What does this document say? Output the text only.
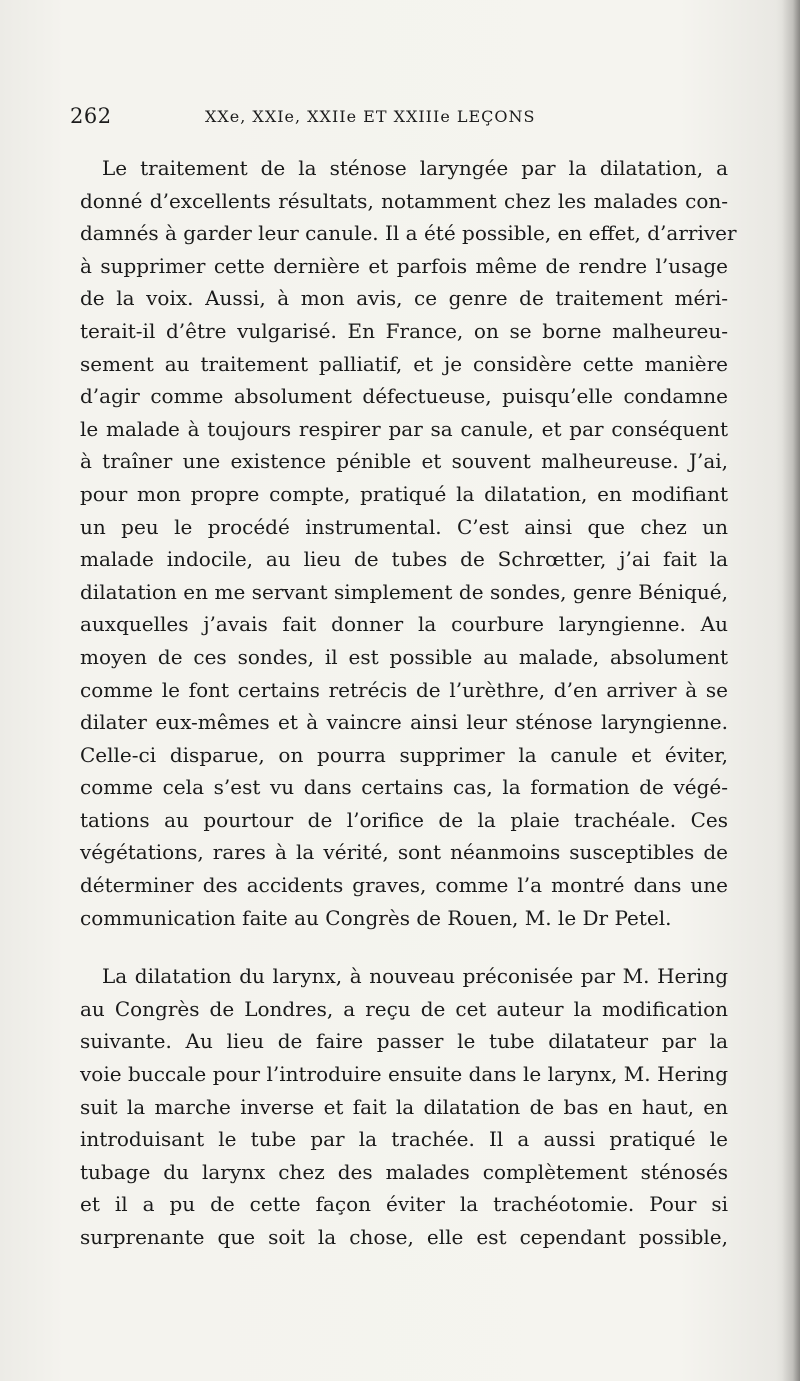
262	XXe, XXIe, XXIIe ET XXIIIe LEÇONS
Le traitement de la sténose laryngée par la dilatation, a
donné d’excellents résultats, notamment chez les malades con-
damnés à garder leur canule. Il a été possible, en effet, d’arriver
à supprimer cette dernière et parfois même de rendre l’usage
de la voix. Aussi, à mon avis, ce genre de traitement méri-
terait-il d’être vulgarisé. En France, on se borne malheureu-
sement au traitement palliatif, et je considère cette manière
d’agir comme absolument défectueuse, puisqu’elle condamne
le malade à toujours respirer par sa canule, et par conséquent
à traîner une existence pénible et souvent malheureuse. J’ai,
pour mon propre compte, pratiqué la dilatation, en modifiant
un peu le procédé instrumental. C’est ainsi que chez un
malade indocile, au lieu de tubes de Schrœtter, j’ai fait la
dilatation en me servant simplement de sondes, genre Béniqué,
auxquelles j’avais fait donner la courbure laryngienne. Au
moyen de ces sondes, il est possible au malade, absolument
comme le font certains retrécis de l’urèthre, d’en arriver à se
dilater eux-mêmes et à vaincre ainsi leur sténose laryngienne.
Celle-ci disparue, on pourra supprimer la canule et éviter,
comme cela s’est vu dans certains cas, la formation de végé-
tations au pourtour de l’orifice de la plaie trachéale. Ces
végétations, rares à la vérité, sont néanmoins susceptibles de
déterminer des accidents graves, comme l’a montré dans une
communication faite au Congrès de Rouen, M. le Dr Petel.
La dilatation du larynx, à nouveau préconisée par M. Hering
au Congrès de Londres, a reçu de cet auteur la modification
suivante. Au lieu de faire passer le tube dilatateur par la
voie buccale pour l’introduire ensuite dans le larynx, M. Hering
suit la marche inverse et fait la dilatation de bas en haut, en
introduisant le tube par la trachée. Il a aussi pratiqué le
tubage du larynx chez des malades complètement sténosés
et il a pu de cette façon éviter la trachéotomie. Pour si
surprenante que soit la chose, elle est cependant possible,
